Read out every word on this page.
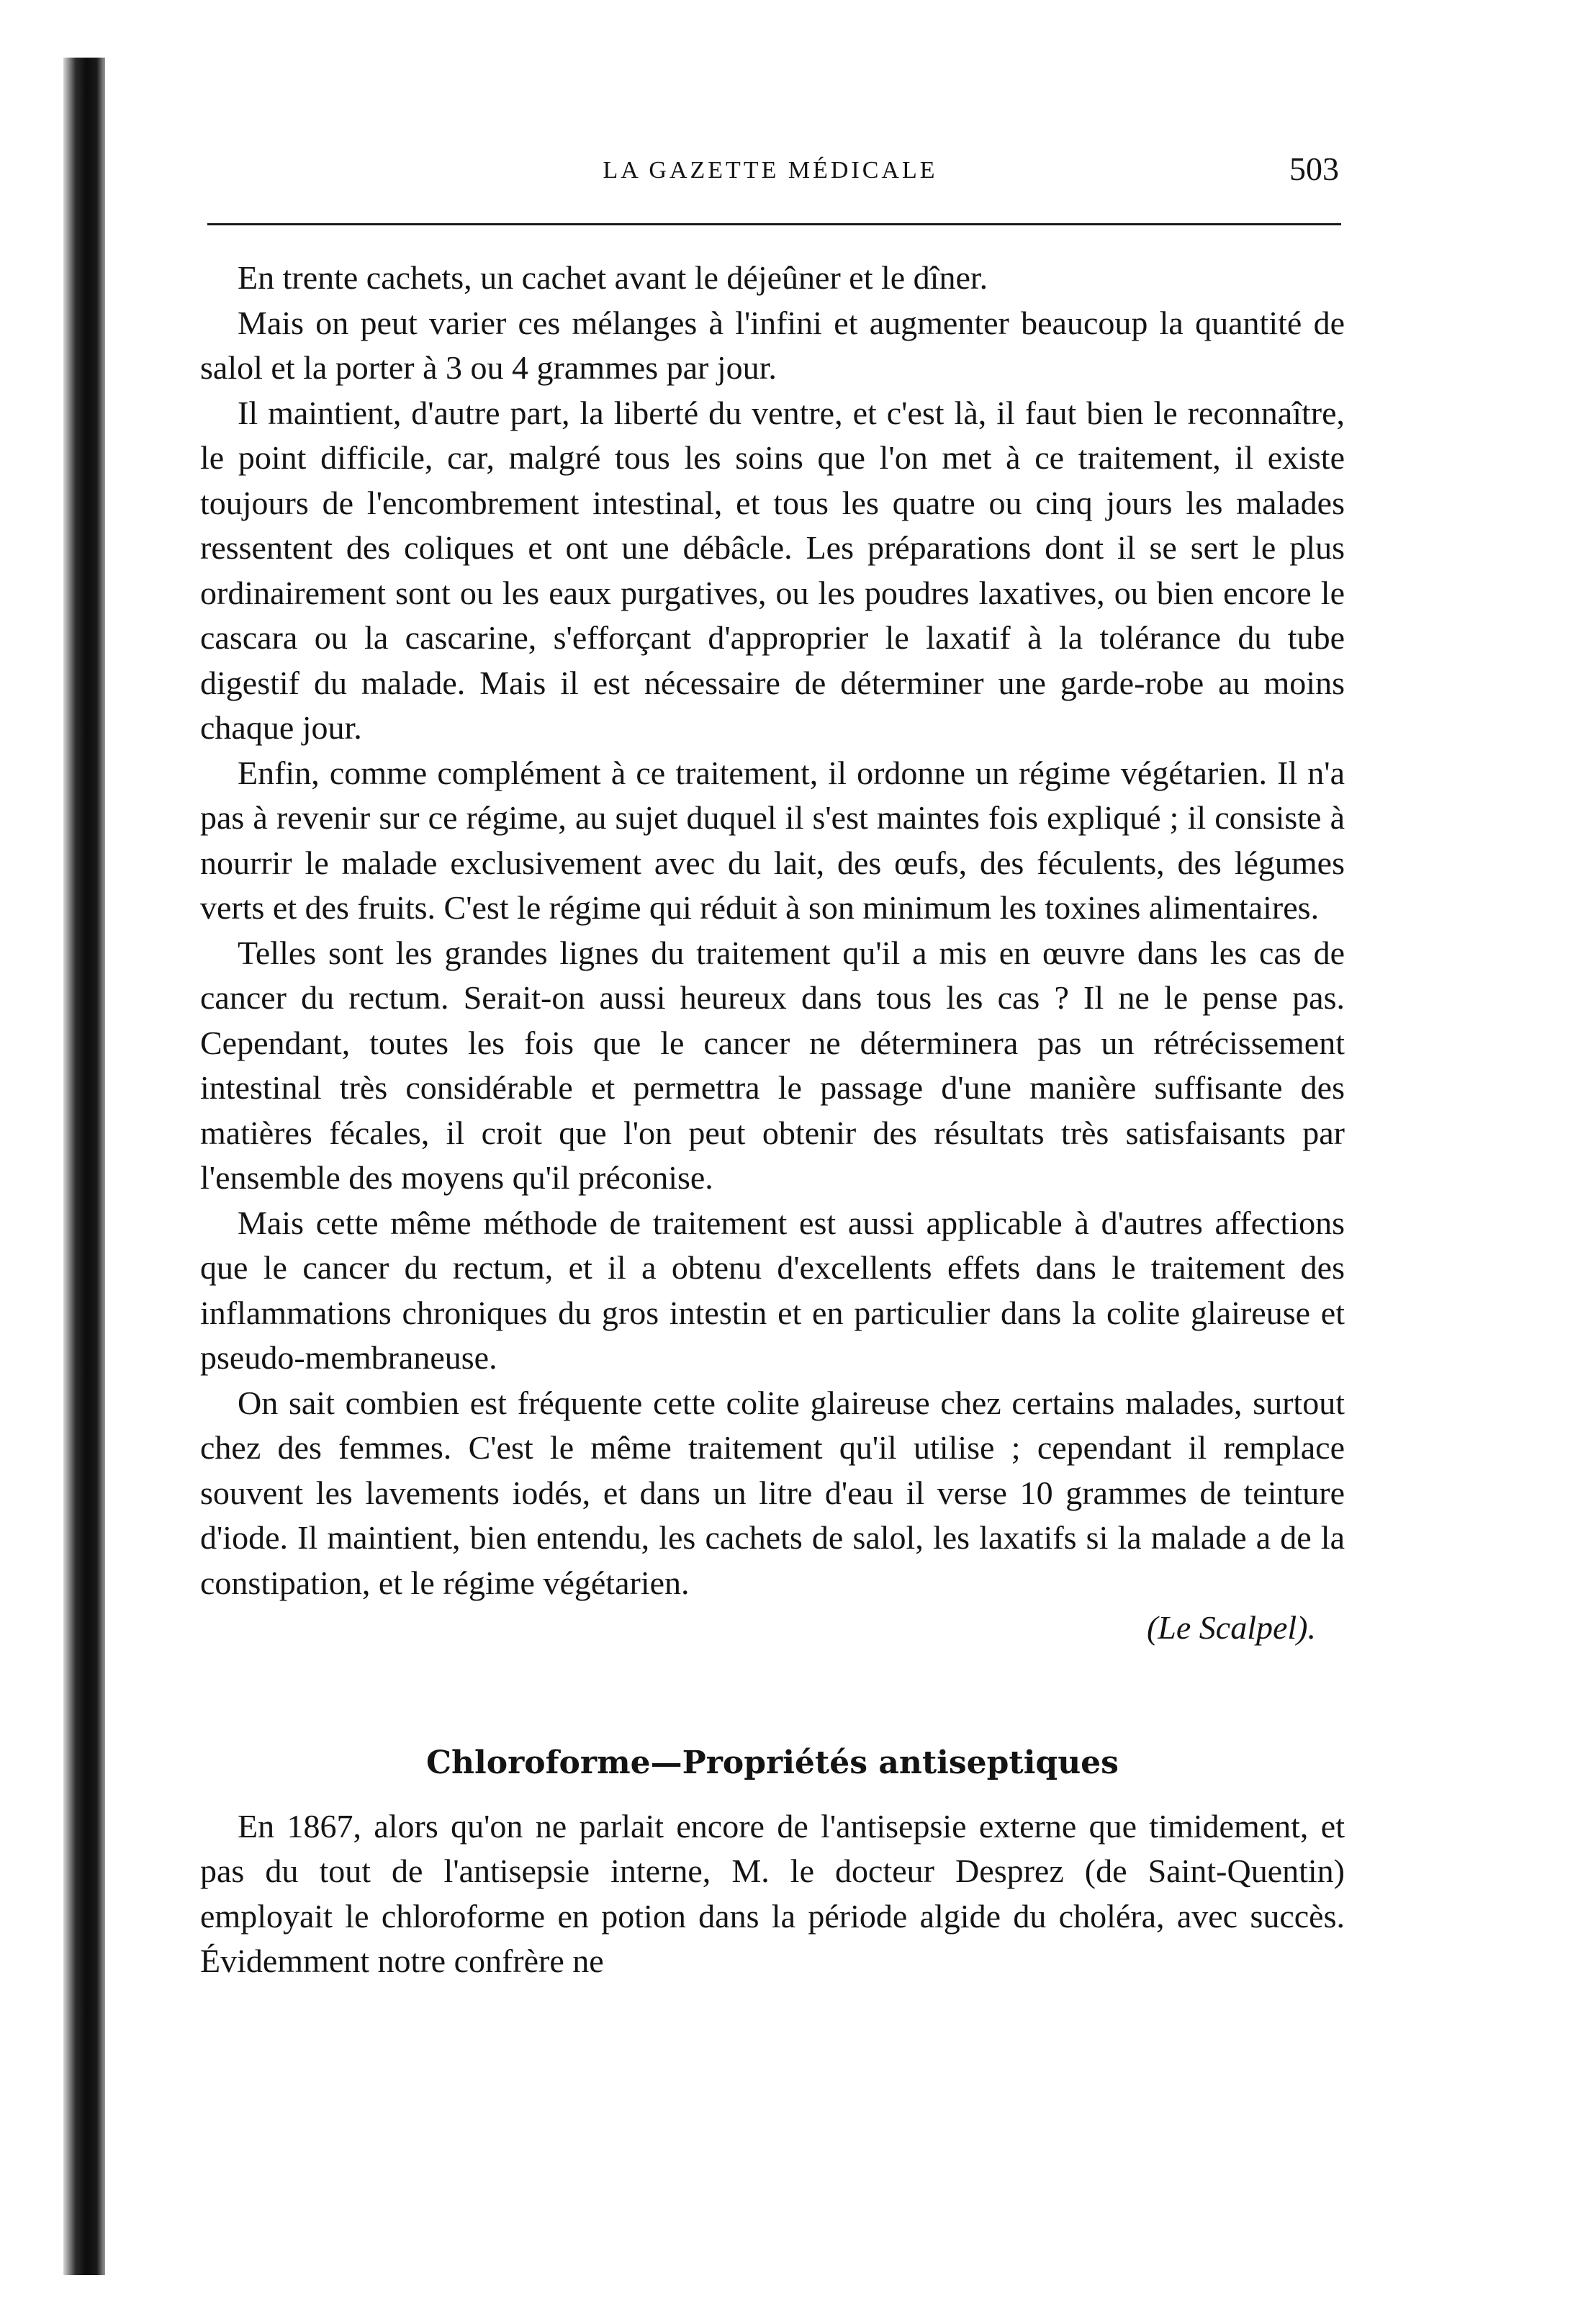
LA GAZETTE MÉDICALE	503

En trente cachets, un cachet avant le déjeûner et le dîner.

Mais on peut varier ces mélanges à l'infini et augmenter beaucoup la quantité de salol et la porter à 3 ou 4 grammes par jour.

Il maintient, d'autre part, la liberté du ventre, et c'est là, il faut bien le reconnaître, le point difficile, car, malgré tous les soins que l'on met à ce traitement, il existe toujours de l'encombrement intestinal, et tous les quatre ou cinq jours les malades ressentent des coliques et ont une débâcle. Les préparations dont il se sert le plus ordinairement sont ou les eaux purgatives, ou les poudres laxatives, ou bien encore le cascara ou la cascarine, s'efforçant d'approprier le laxatif à la tolérance du tube digestif du malade. Mais il est nécessaire de déterminer une garde-robe au moins chaque jour.

Enfin, comme complément à ce traitement, il ordonne un régime végétarien. Il n'a pas à revenir sur ce régime, au sujet duquel il s'est maintes fois expliqué ; il consiste à nourrir le malade exclusivement avec du lait, des œufs, des féculents, des légumes verts et des fruits. C'est le régime qui réduit à son minimum les toxines alimentaires.

Telles sont les grandes lignes du traitement qu'il a mis en œuvre dans les cas de cancer du rectum. Serait-on aussi heureux dans tous les cas ? Il ne le pense pas. Cependant, toutes les fois que le cancer ne déterminera pas un rétrécissement intestinal très considérable et permettra le passage d'une manière suffisante des matières fécales, il croit que l'on peut obtenir des résultats très satisfaisants par l'ensemble des moyens qu'il préconise.

Mais cette même méthode de traitement est aussi applicable à d'autres affections que le cancer du rectum, et il a obtenu d'excellents effets dans le traitement des inflammations chroniques du gros intestin et en particulier dans la colite glaireuse et pseudo-membraneuse.

On sait combien est fréquente cette colite glaireuse chez certains malades, surtout chez des femmes. C'est le même traitement qu'il utilise ; cependant il remplace souvent les lavements iodés, et dans un litre d'eau il verse 10 grammes de teinture d'iode. Il maintient, bien entendu, les cachets de salol, les laxatifs si la malade a de la constipation, et le régime végétarien.

(Le Scalpel).

Chloroforme—Propriétés antiseptiques

En 1867, alors qu'on ne parlait encore de l'antisepsie externe que timidement, et pas du tout de l'antisepsie interne, M. le docteur Desprez (de Saint-Quentin) employait le chloroforme en potion dans la période algide du choléra, avec succès. Évidemment notre confrère ne
